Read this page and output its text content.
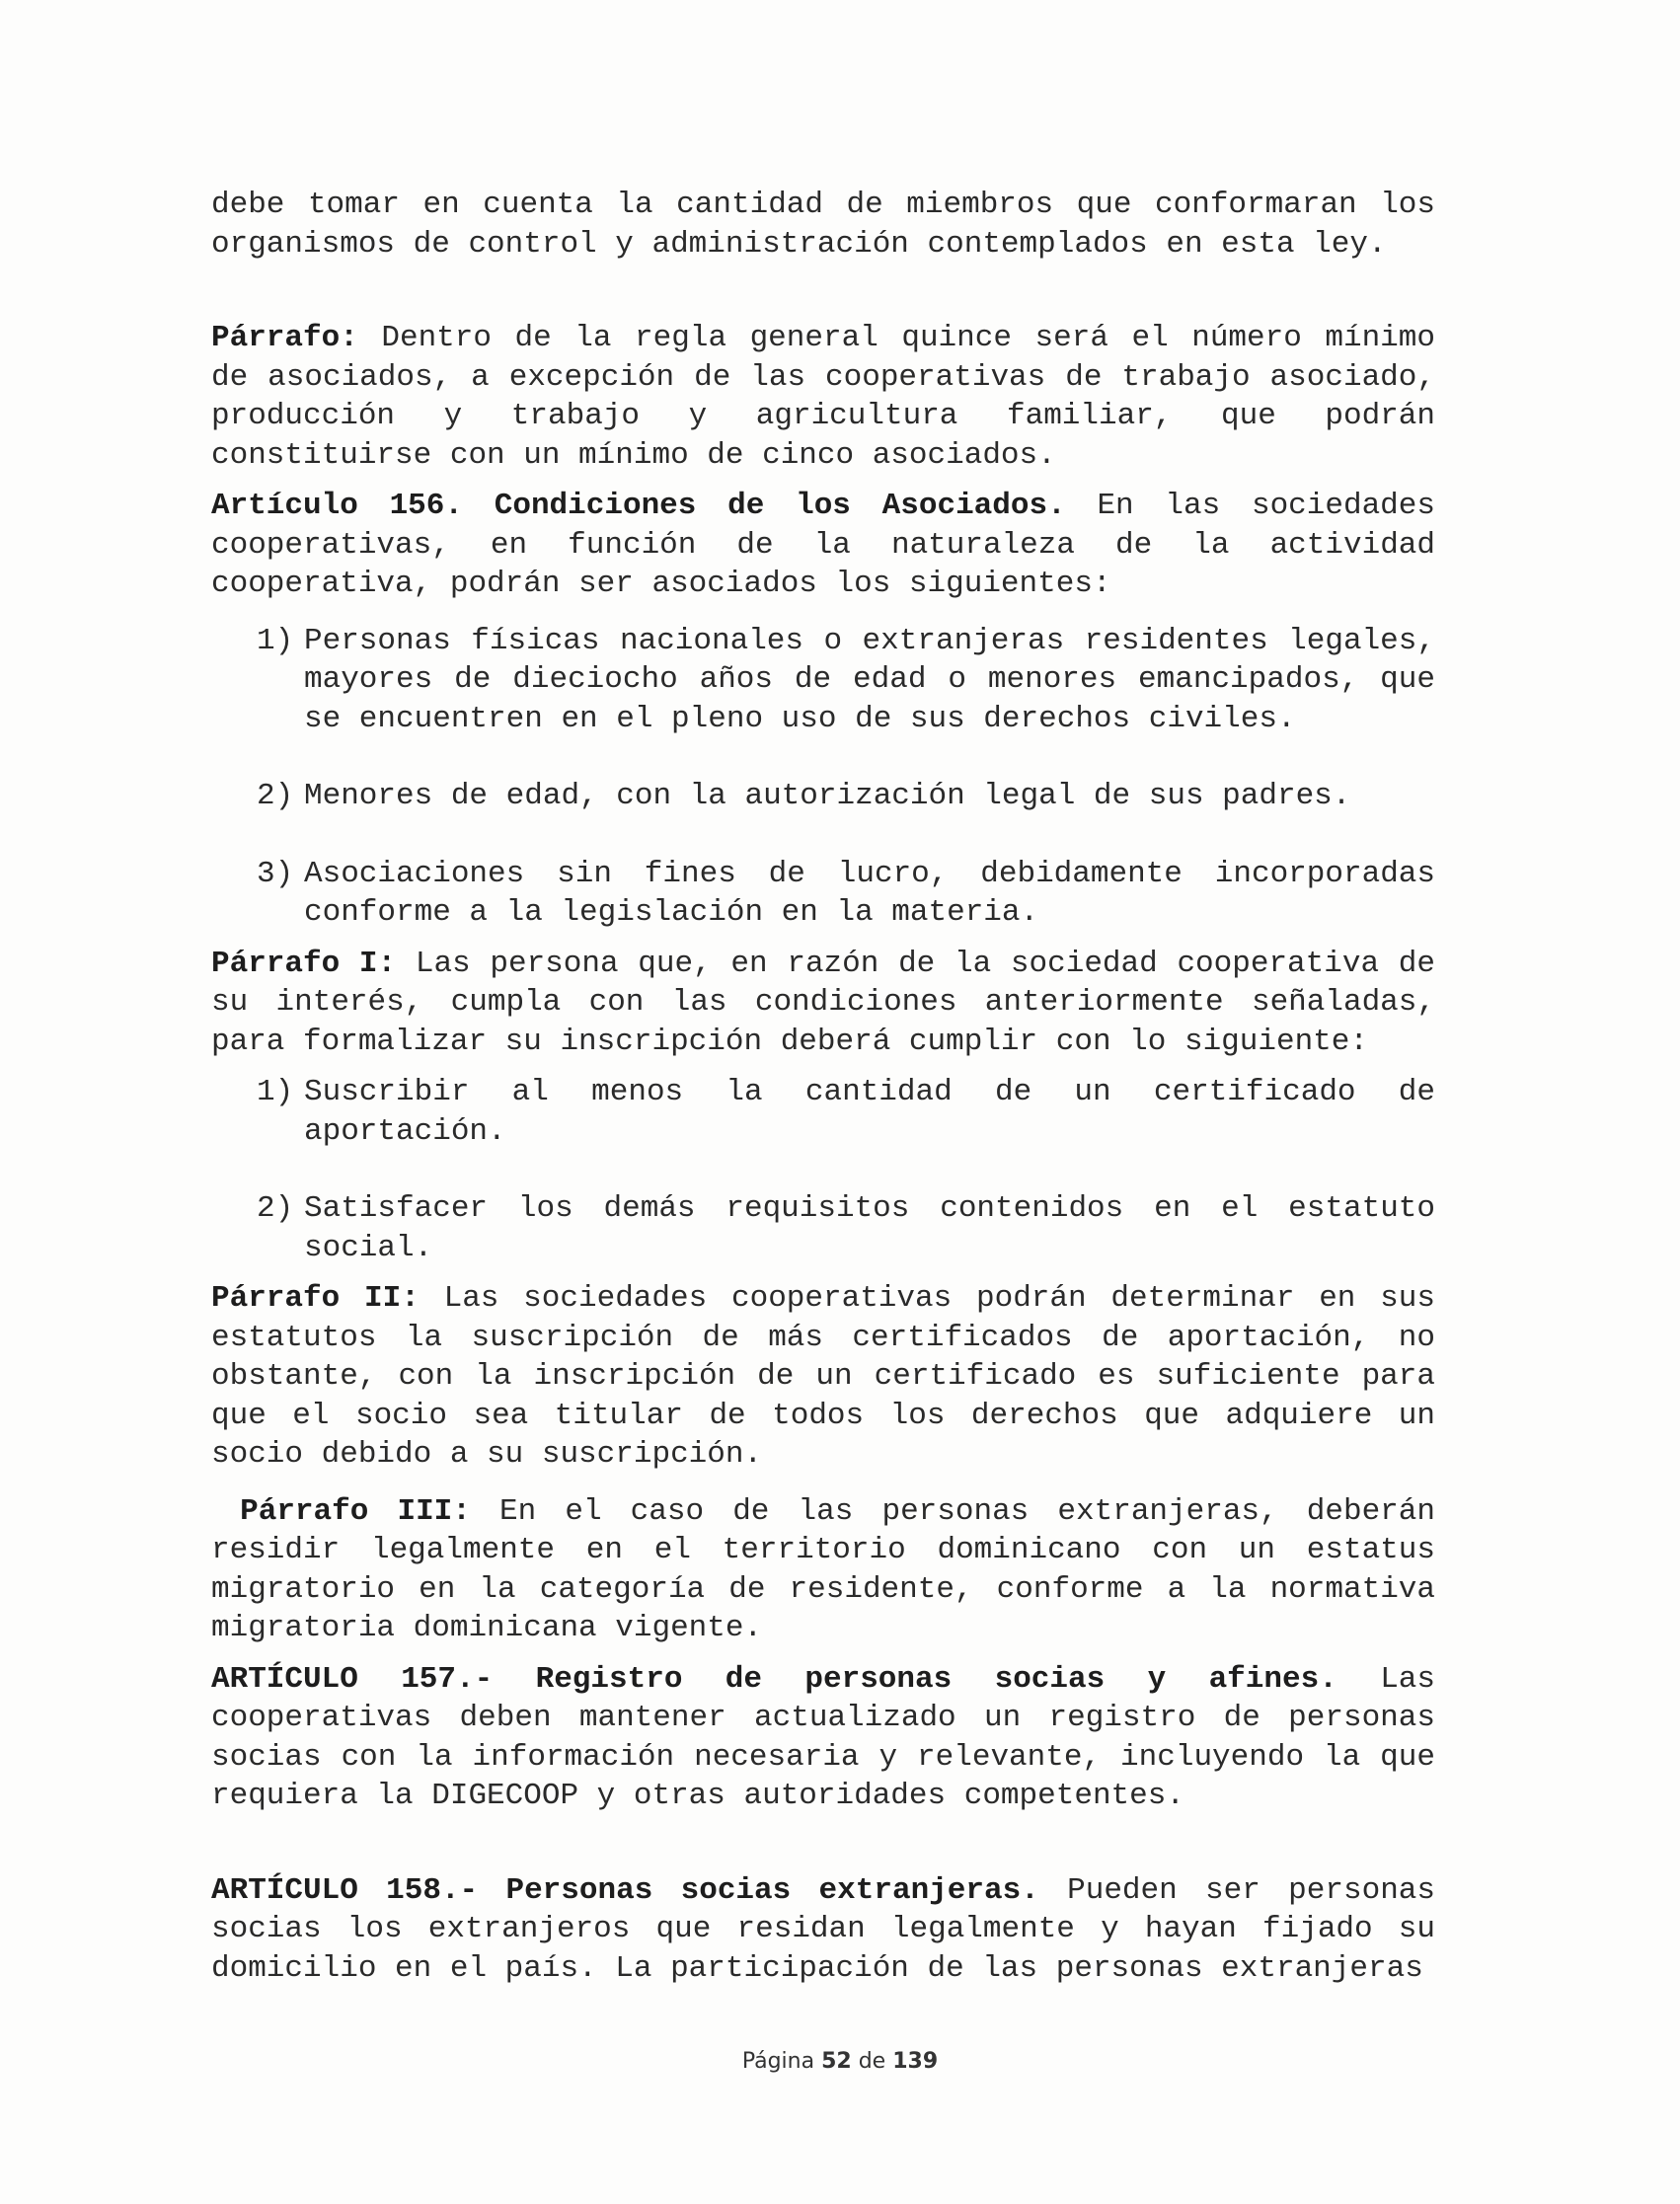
debe tomar en cuenta la cantidad de miembros que conformaran los organismos de control y administración contemplados en esta ley.

Párrafo: Dentro de la regla general quince será el número mínimo de asociados, a excepción de las cooperativas de trabajo asociado, producción y trabajo y agricultura familiar, que podrán constituirse con un mínimo de cinco asociados.

Artículo 156. Condiciones de los Asociados. En las sociedades cooperativas, en función de la naturaleza de la actividad cooperativa, podrán ser asociados los siguientes:

1) Personas físicas nacionales o extranjeras residentes legales, mayores de dieciocho años de edad o menores emancipados, que se encuentren en el pleno uso de sus derechos civiles.
2) Menores de edad, con la autorización legal de sus padres.
3) Asociaciones sin fines de lucro, debidamente incorporadas conforme a la legislación en la materia.

Párrafo I: Las persona que, en razón de la sociedad cooperativa de su interés, cumpla con las condiciones anteriormente señaladas, para formalizar su inscripción deberá cumplir con lo siguiente:

1) Suscribir al menos la cantidad de un certificado de aportación.
2) Satisfacer los demás requisitos contenidos en el estatuto social.

Párrafo II: Las sociedades cooperativas podrán determinar en sus estatutos la suscripción de más certificados de aportación, no obstante, con la inscripción de un certificado es suficiente para que el socio sea titular de todos los derechos que adquiere un socio debido a su suscripción.

Párrafo III: En el caso de las personas extranjeras, deberán residir legalmente en el territorio dominicano con un estatus migratorio en la categoría de residente, conforme a la normativa migratoria dominicana vigente.

ARTÍCULO 157.- Registro de personas socias y afines. Las cooperativas deben mantener actualizado un registro de personas socias con la información necesaria y relevante, incluyendo la que requiera la DIGECOOP y otras autoridades competentes.

ARTÍCULO 158.- Personas socias extranjeras. Pueden ser personas socias los extranjeros que residan legalmente y hayan fijado su domicilio en el país. La participación de las personas extranjeras

Página 52 de 139
